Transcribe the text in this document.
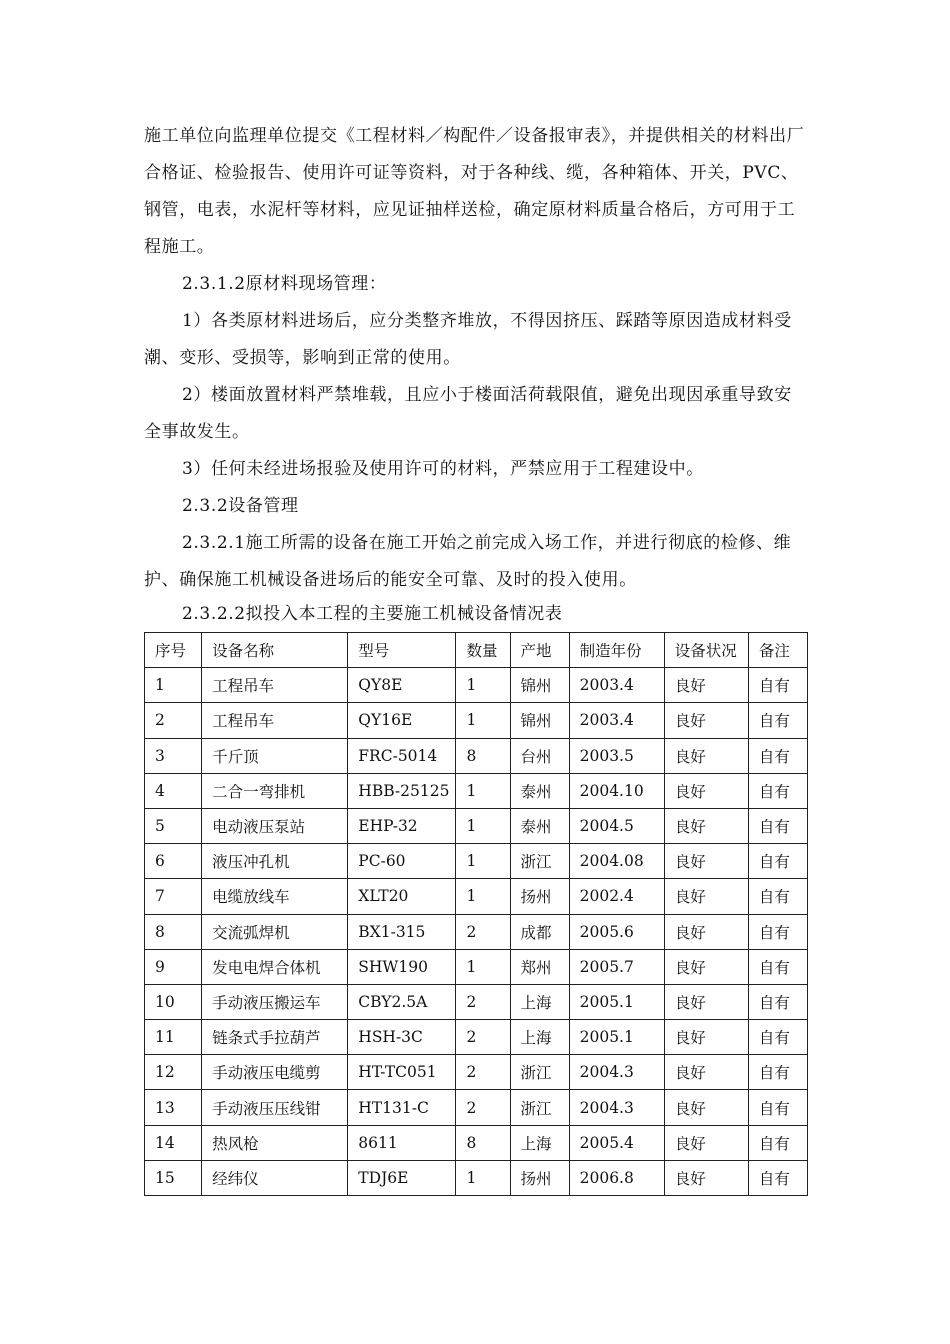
施工单位向监理单位提交《工程材料／构配件／设备报审表》，并提供相关的材料出厂合格证、检验报告、使用许可证等资料，对于各种线、缆，各种箱体、开关，PVC、钢管，电表，水泥杆等材料，应见证抽样送检，确定原材料质量合格后，方可用于工程施工。

2.3.1.2原材料现场管理：

1）各类原材料进场后，应分类整齐堆放，不得因挤压、踩踏等原因造成材料受潮、变形、受损等，影响到正常的使用。

2）楼面放置材料严禁堆载，且应小于楼面活荷载限值，避免出现因承重导致安全事故发生。

3）任何未经进场报验及使用许可的材料，严禁应用于工程建设中。

2.3.2设备管理

2.3.2.1施工所需的设备在施工开始之前完成入场工作，并进行彻底的检修、维护、确保施工机械设备进场后的能安全可靠、及时的投入使用。

2.3.2.2拟投入本工程的主要施工机械设备情况表

序号	设备名称	型号	数量	产地	制造年份	设备状况	备注
1	工程吊车	QY8E	1	锦州	2003.4	良好	自有
2	工程吊车	QY16E	1	锦州	2003.4	良好	自有
3	千斤顶	FRC-5014	8	台州	2003.5	良好	自有
4	二合一弯排机	HBB-25125	1	泰州	2004.10	良好	自有
5	电动液压泵站	EHP-32	1	泰州	2004.5	良好	自有
6	液压冲孔机	PC-60	1	浙江	2004.08	良好	自有
7	电缆放线车	XLT20	1	扬州	2002.4	良好	自有
8	交流弧焊机	BX1-315	2	成都	2005.6	良好	自有
9	发电电焊合体机	SHW190	1	郑州	2005.7	良好	自有
10	手动液压搬运车	CBY2.5A	2	上海	2005.1	良好	自有
11	链条式手拉葫芦	HSH-3C	2	上海	2005.1	良好	自有
12	手动液压电缆剪	HT-TC051	2	浙江	2004.3	良好	自有
13	手动液压压线钳	HT131-C	2	浙江	2004.3	良好	自有
14	热风枪	8611	8	上海	2005.4	良好	自有
15	经纬仪	TDJ6E	1	扬州	2006.8	良好	自有
